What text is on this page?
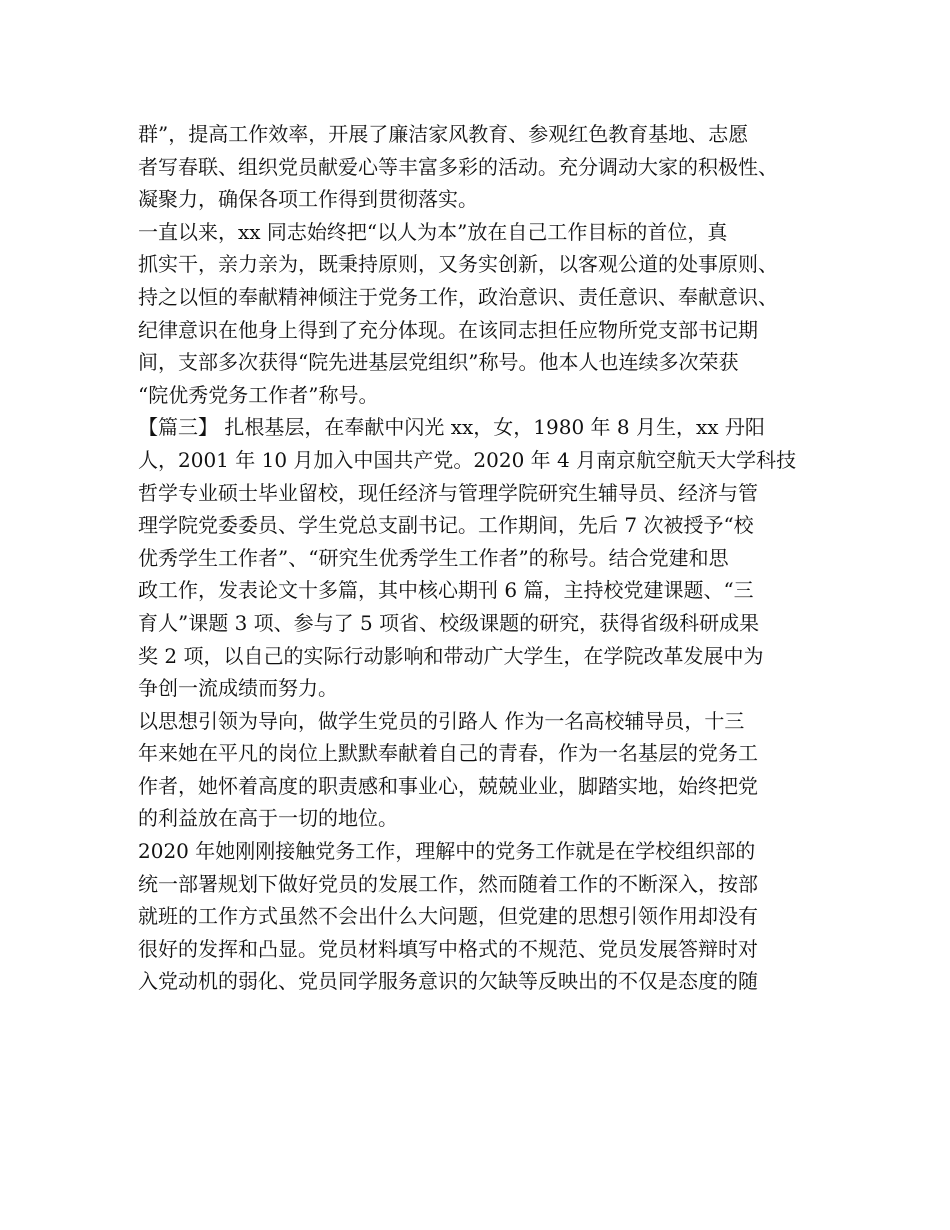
群”，提高工作效率，开展了廉洁家风教育、参观红色教育基地、志愿
者写春联、组织党员献爱心等丰富多彩的活动。充分调动大家的积极性、
凝聚力，确保各项工作得到贯彻落实。
一直以来，xx 同志始终把“以人为本”放在自己工作目标的首位，真
抓实干，亲力亲为，既秉持原则，又务实创新，以客观公道的处事原则、
持之以恒的奉献精神倾注于党务工作，政治意识、责任意识、奉献意识、
纪律意识在他身上得到了充分体现。在该同志担任应物所党支部书记期
间，支部多次获得“院先进基层党组织”称号。他本人也连续多次荣获
“院优秀党务工作者”称号。
【篇三】 扎根基层，在奉献中闪光 xx，女，1980 年 8 月生，xx 丹阳
人，2001 年 10 月加入中国共产党。2020 年 4 月南京航空航天大学科技
哲学专业硕士毕业留校，现任经济与管理学院研究生辅导员、经济与管
理学院党委委员、学生党总支副书记。工作期间，先后 7 次被授予“校
优秀学生工作者”、“研究生优秀学生工作者”的称号。结合党建和思
政工作，发表论文十多篇，其中核心期刊 6 篇，主持校党建课题、“三
育人”课题 3 项、参与了 5 项省、校级课题的研究，获得省级科研成果
奖 2 项，以自己的实际行动影响和带动广大学生，在学院改革发展中为
争创一流成绩而努力。
以思想引领为导向，做学生党员的引路人 作为一名高校辅导员，十三
年来她在平凡的岗位上默默奉献着自己的青春，作为一名基层的党务工
作者，她怀着高度的职责感和事业心，兢兢业业，脚踏实地，始终把党
的利益放在高于一切的地位。
2020 年她刚刚接触党务工作，理解中的党务工作就是在学校组织部的
统一部署规划下做好党员的发展工作，然而随着工作的不断深入，按部
就班的工作方式虽然不会出什么大问题，但党建的思想引领作用却没有
很好的发挥和凸显。党员材料填写中格式的不规范、党员发展答辩时对
入党动机的弱化、党员同学服务意识的欠缺等反映出的不仅是态度的随
